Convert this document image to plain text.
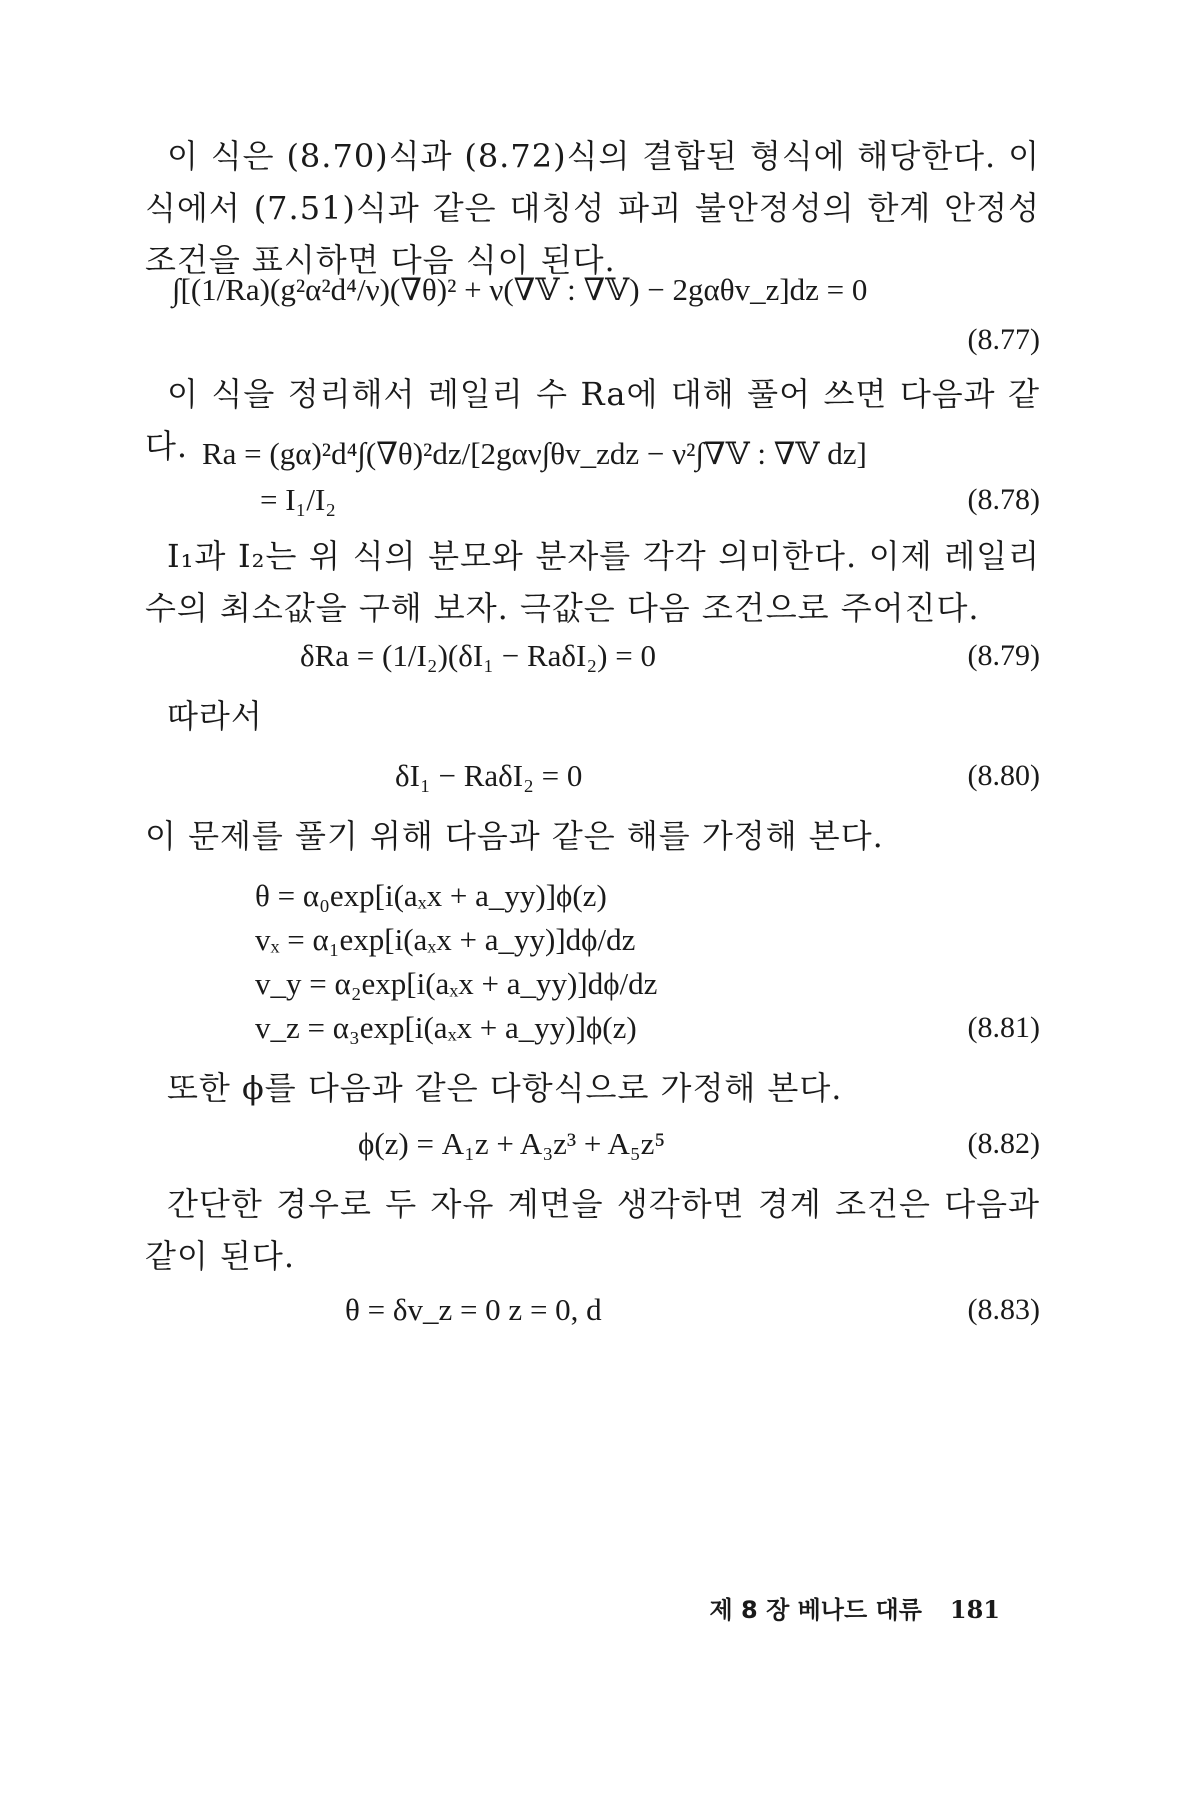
이 식은 (8.70)식과 (8.72)식의 결합된 형식에 해당한다. 이 식에서 (7.51)식과 같은 대칭성 파괴 불안정성의 한계 안정성 조건을 표시하면 다음 식이 된다.

∫[(1/Ra)(g²α²d⁴/ν)(∇θ)² + ν(∇𝕍 : ∇𝕍) − 2gαθv_z]dz = 0
(8.77)

이 식을 정리해서 레일리 수 Ra에 대해 풀어 쓰면 다음과 같다. Ra = (gα)²d⁴∫(∇θ)²dz/[2gαν∫θv_zdz − ν²∫∇𝕍 : ∇𝕍 dz]
= I₁/I₂	(8.78)

I₁과 I₂는 위 식의 분모와 분자를 각각 의미한다. 이제 레일리 수의 최소값을 구해 보자. 극값은 다음 조건으로 주어진다.

δRa = (1/I₂)(δI₁ − RaδI₂) = 0	(8.79)

따라서

δI₁ − RaδI₂ = 0	(8.80)

이 문제를 풀기 위해 다음과 같은 해를 가정해 본다.

θ = α₀exp[i(aₓx + a_yy)]ϕ(z)
vₓ = α₁exp[i(aₓx + a_yy)]dϕ/dz
v_y = α₂exp[i(aₓx + a_yy)]dϕ/dz
v_z = α₃exp[i(aₓx + a_yy)]ϕ(z)	(8.81)

또한 ϕ를 다음과 같은 다항식으로 가정해 본다.

ϕ(z) = A₁z + A₃z³ + A₅z⁵	(8.82)

간단한 경우로 두 자유 계면을 생각하면 경계 조건은 다음과 같이 된다.

θ = δv_z = 0 z = 0, d	(8.83)
제 8 장 베나드 대류 181
